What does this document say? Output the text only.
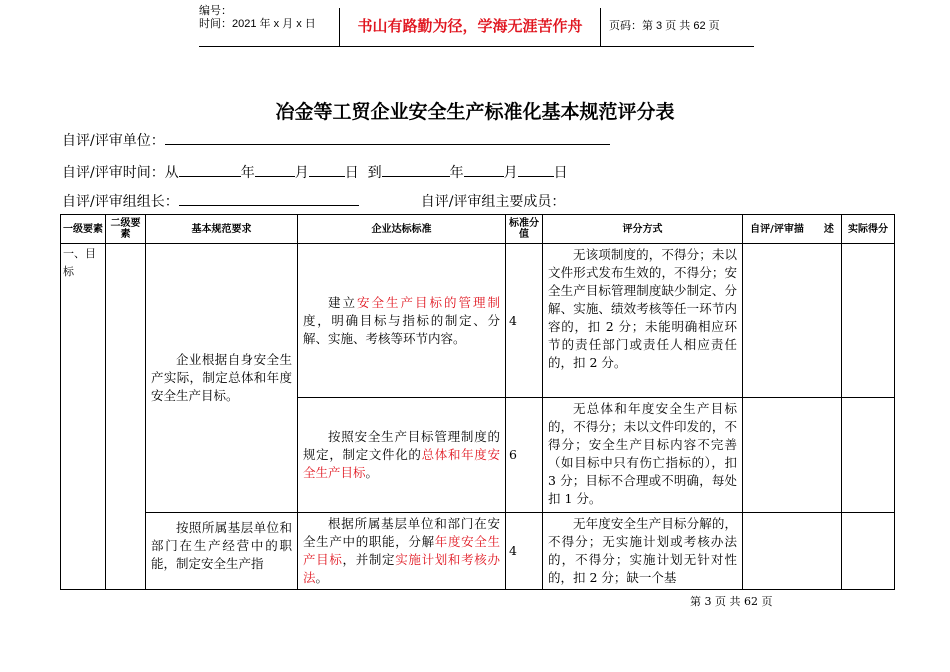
编号：
时间：2021 年 x 月 x 日	书山有路勤为径，学海无涯苦作舟	页码：第 3 页 共 62 页
冶金等工贸企业安全生产标准化基本规范评分表
自评/评审单位：
自评/评审时间：从	年	月	日 到	年	月	日
自评/评审组组长：	自评/评审组主要成员：
一级要素	二级要素	基本规范要求	企业达标标准	标准分值	评分方式	自评/评审描　　述	实际得分
一、目标		企业根据自身安全生产实际，制定总体和年度安全生产目标。	建立安全生产目标的管理制度，明确目标与指标的制定、分解、实施、考核等环节内容。	4	无该项制度的，不得分；未以文件形式发布生效的，不得分；安全生产目标管理制度缺少制定、分解、实施、绩效考核等任一环节内容的，扣 2 分；未能明确相应环节的责任部门或责任人相应责任的，扣 2 分。		
			按照安全生产目标管理制度的规定，制定文件化的总体和年度安全生产目标。	6	无总体和年度安全生产目标的，不得分；未以文件印发的，不得分；安全生产目标内容不完善（如目标中只有伤亡指标的），扣 3 分；目标不合理或不明确，每处扣 1 分。		
		按照所属基层单位和部门在生产经营中的职能，制定安全生产指	根据所属基层单位和部门在安全生产中的职能，分解年度安全生产目标，并制定实施计划和考核办法。	4	无年度安全生产目标分解的，不得分；无实施计划或考核办法的，不得分；实施计划无针对性的，扣 2 分；缺一个基		
第 3 页 共 62 页
